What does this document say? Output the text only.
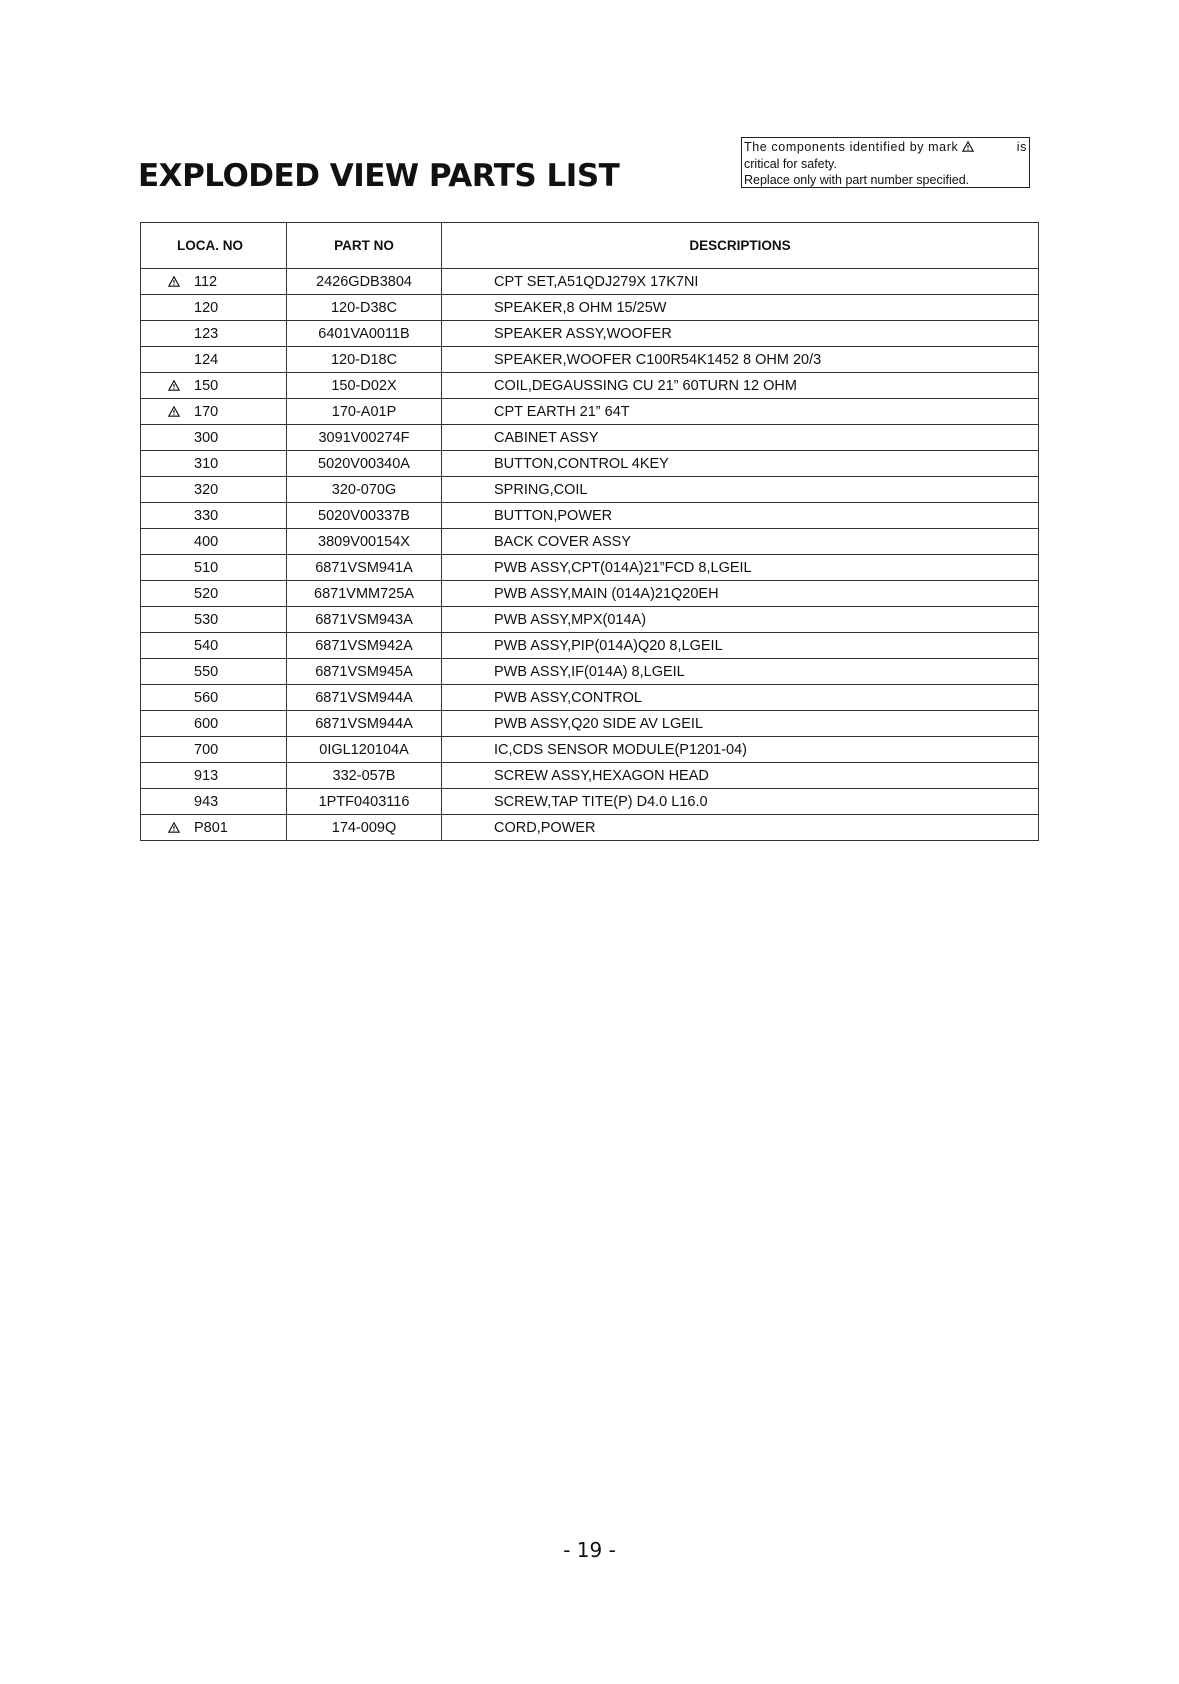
EXPLODED VIEW PARTS LIST
The components identified by mark	is
critical for safety.
Replace only with part number specified.
LOCA. NO	PART NO	DESCRIPTIONS

112	2426GDB3804	CPT SET,A51QDJ279X 17K7NI
120	120-D38C	SPEAKER,8 OHM 15/25W
123	6401VA0011B	SPEAKER ASSY,WOOFER
124	120-D18C	SPEAKER,WOOFER C100R54K1452 8 OHM 20/3

150	150-D02X	COIL,DEGAUSSING CU 21” 60TURN 12 OHM

170	170-A01P	CPT EARTH 21” 64T
300	3091V00274F	CABINET ASSY
310	5020V00340A	BUTTON,CONTROL 4KEY
320	320-070G	SPRING,COIL
330	5020V00337B	BUTTON,POWER
400	3809V00154X	BACK COVER ASSY
510	6871VSM941A	PWB ASSY,CPT(014A)21”FCD 8,LGEIL
520	6871VMM725A	PWB ASSY,MAIN (014A)21Q20EH
530	6871VSM943A	PWB ASSY,MPX(014A)
540	6871VSM942A	PWB ASSY,PIP(014A)Q20 8,LGEIL
550	6871VSM945A	PWB ASSY,IF(014A) 8,LGEIL
560	6871VSM944A	PWB ASSY,CONTROL
600	6871VSM944A	PWB ASSY,Q20 SIDE AV LGEIL
700	0IGL120104A	IC,CDS SENSOR MODULE(P1201-04)
913	332-057B	SCREW ASSY,HEXAGON HEAD
943	1PTF0403116	SCREW,TAP TITE(P) D4.0 L16.0

P801	174-009Q	CORD,POWER
- 19 -
